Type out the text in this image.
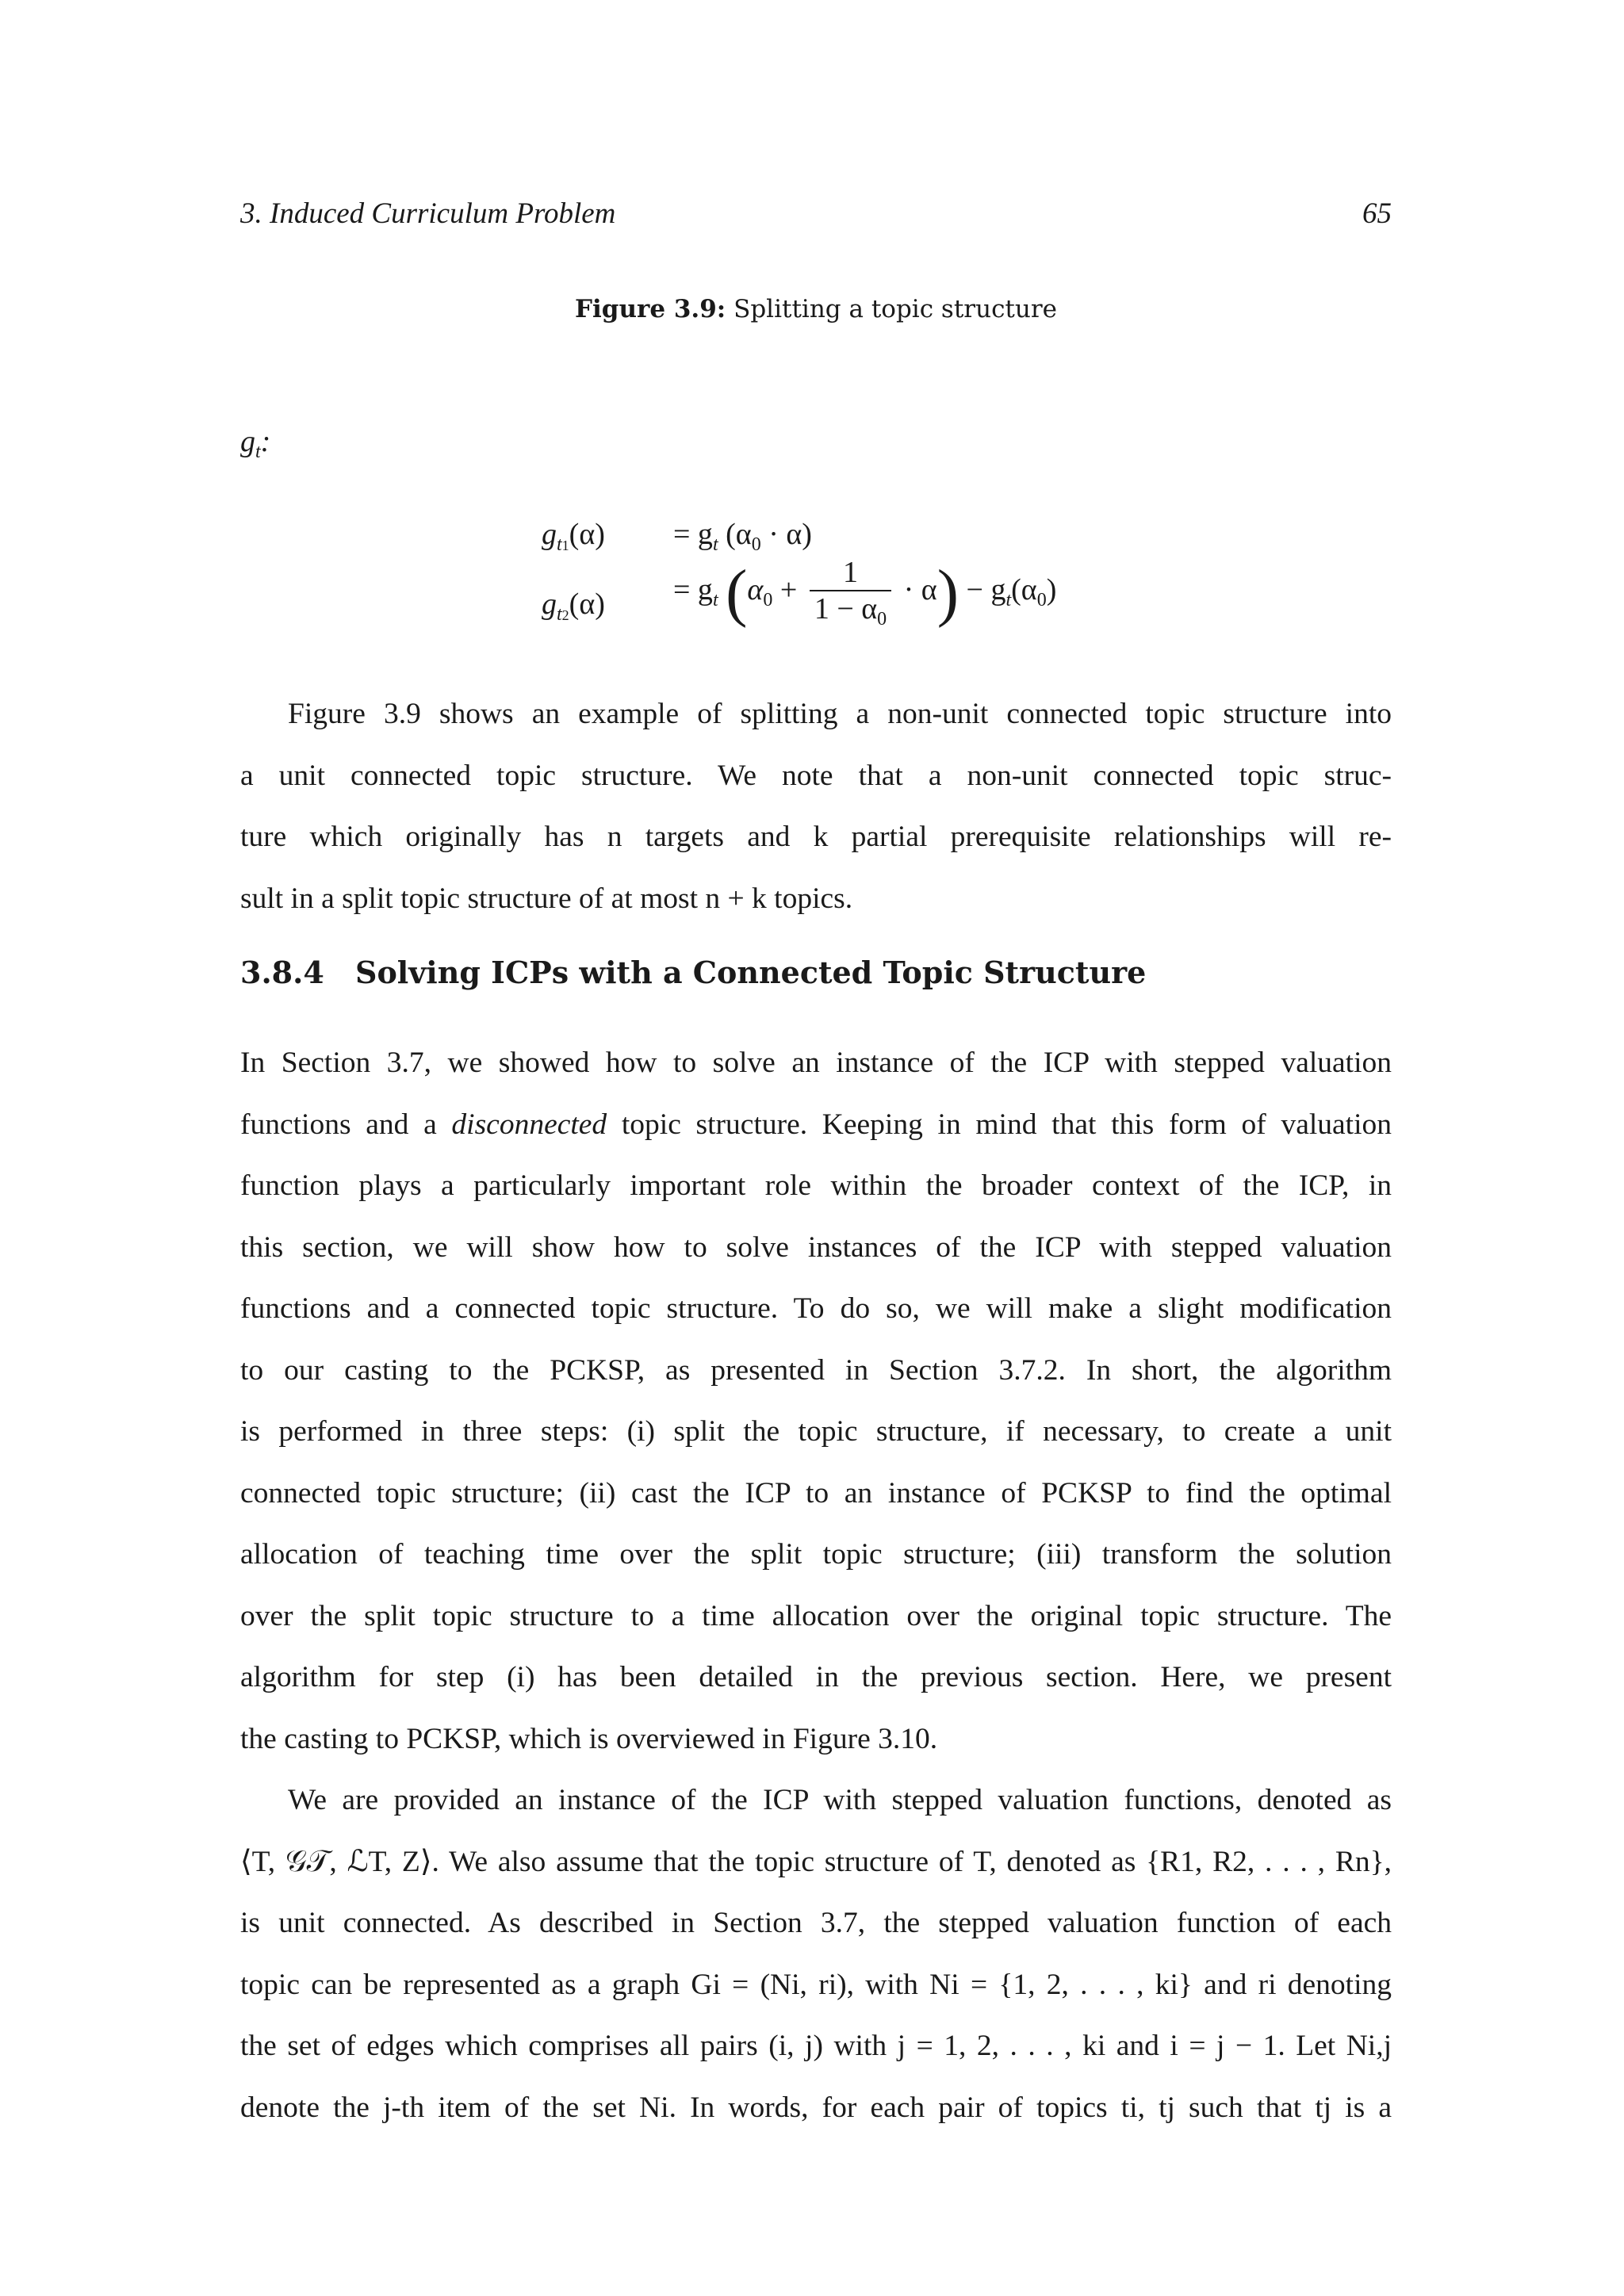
3. Induced Curriculum Problem	65
Figure 3.9: Splitting a topic structure
$g_t$:
$g_{t1}(\alpha) = g_t$ $(\alpha_0 \cdot \alpha)$
$g_{t2}(\alpha) = g_t$ $(\alpha_0 + \frac{1}{1 - \alpha_0} \cdot \alpha) - g_t(\alpha_0)$
Figure 3.9 shows an example of splitting a non-unit connected topic structure into
a unit connected topic structure. We note that a non-unit connected topic struc-
ture which originally has n targets and k partial prerequisite relationships will re-
sult in a split topic structure of at most n + k topics.
3.8.4 Solving ICPs with a Connected Topic Structure
In Section 3.7, we showed how to solve an instance of the ICP with stepped valuation
functions and a disconnected topic structure. Keeping in mind that this form of valuation
function plays a particularly important role within the broader context of the ICP, in
this section, we will show how to solve instances of the ICP with stepped valuation
functions and a connected topic structure. To do so, we will make a slight modification
to our casting to the PCKSP, as presented in Section 3.7.2. In short, the algorithm
is performed in three steps: (i) split the topic structure, if necessary, to create a unit
connected topic structure; (ii) cast the ICP to an instance of PCKSP to find the optimal
allocation of teaching time over the split topic structure; (iii) transform the solution
over the split topic structure to a time allocation over the original topic structure. The
algorithm for step (i) has been detailed in the previous section. Here, we present
the casting to PCKSP, which is overviewed in Figure 3.10.
We are provided an instance of the ICP with stepped valuation functions, denoted as
⟨T, 𝒢𝒯, ℒT, Z⟩. We also assume that the topic structure of T, denoted as {R1, R2, . . . , Rn},
is unit connected. As described in Section 3.7, the stepped valuation function of each
topic can be represented as a graph Gi = (Ni, ri), with Ni = {1, 2, . . . , ki} and ri denoting
the set of edges which comprises all pairs (i, j) with j = 1, 2, . . . , ki and i = j − 1. Let Ni,j
denote the j-th item of the set Ni. In words, for each pair of topics ti, tj such that tj is a
